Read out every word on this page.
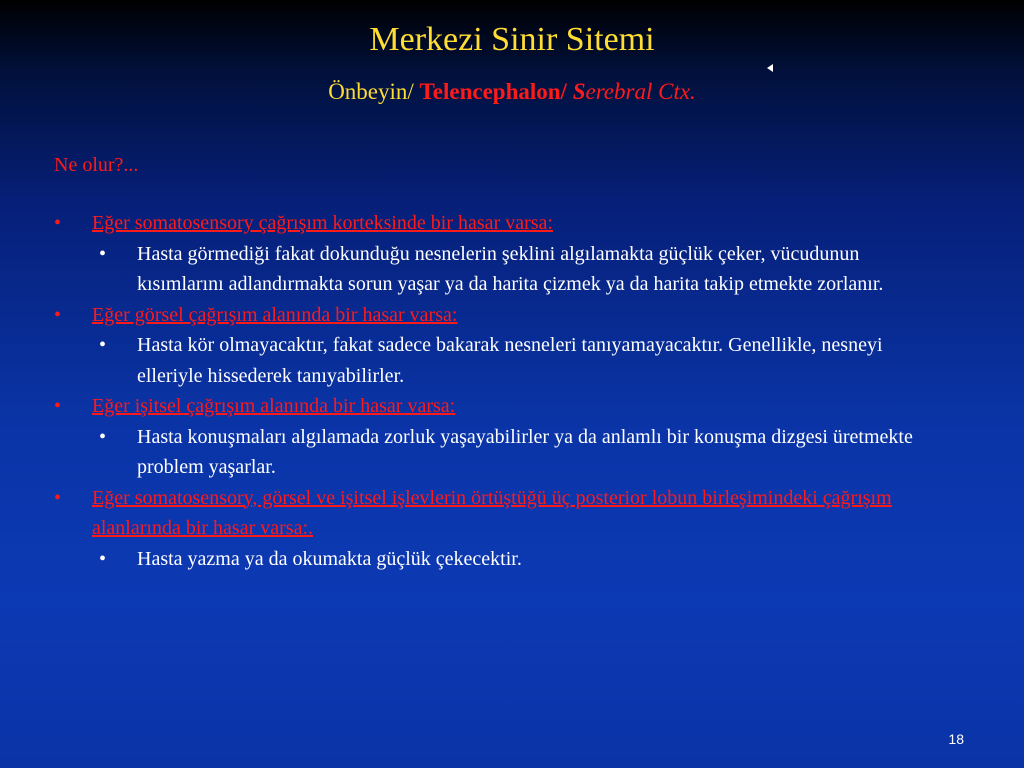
Merkezi Sinir Sitemi
Önbeyin/ Telencephalon/ Serebral Ctx.
Ne olur?...
• Eğer somatosensory çağrışım korteksinde bir hasar varsa:
• Hasta görmediği fakat dokunduğu nesnelerin şeklini algılamakta güçlük çeker, vücudunun kısımlarını adlandırmakta sorun yaşar ya da harita çizmek ya da harita takip etmekte zorlanır.
• Eğer görsel çağrışım alanında bir hasar varsa:
• Hasta kör olmayacaktır, fakat sadece bakarak nesneleri tanıyamayacaktır. Genellikle, nesneyi elleriyle hissederek tanıyabilirler.
• Eğer işitsel çağrışım alanında bir hasar varsa:
• Hasta konuşmaları algılamada zorluk yaşayabilirler ya da anlamlı bir konuşma dizgesi üretmekte problem yaşarlar.
• Eğer somatosensory, görsel ve işitsel işlevlerin örtüştüğü üç posterior lobun birleşimindeki çağrışım alanlarında bir hasar varsa:.
• Hasta yazma ya da okumakta güçlük çekecektir.
18
